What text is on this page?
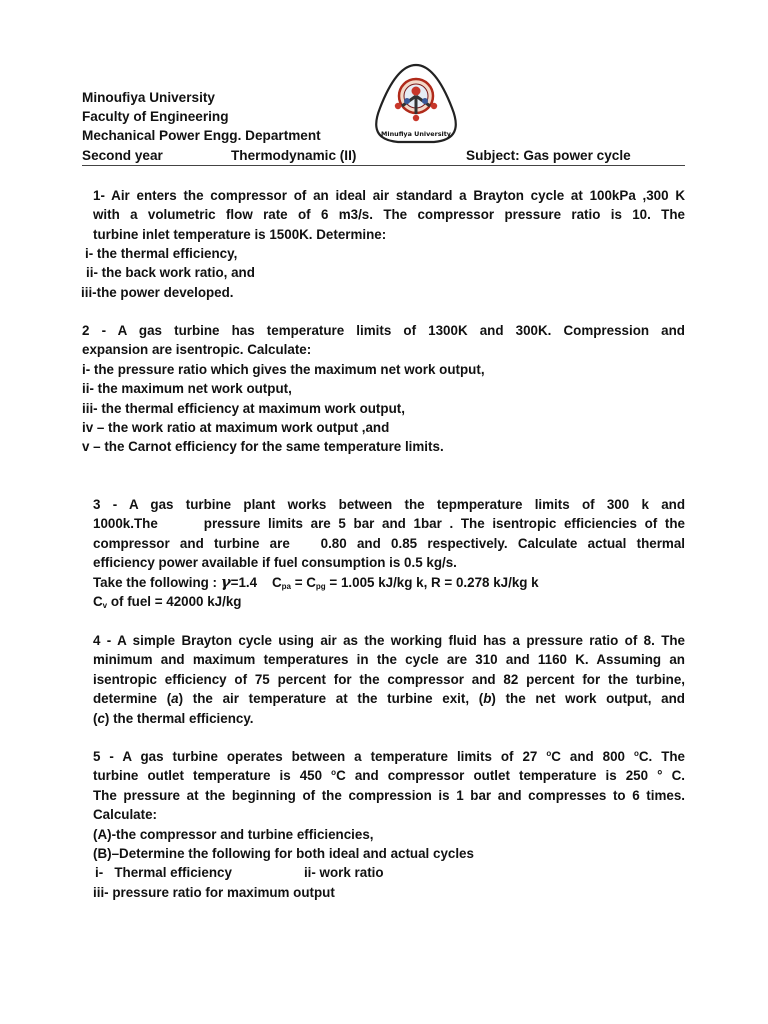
Minoufiya University
Faculty of Engineering
Mechanical Power Engg. Department
Second year	Thermodynamic (II)	Subject: Gas power cycle
Minufiya University
1- Air enters the compressor of an ideal air standard a Brayton cycle at 100kPa ,300 K
with a volumetric flow rate of 6 m3/s. The compressor pressure ratio is 10. The
turbine inlet temperature is 1500K. Determine:
i- the thermal efficiency,
ii- the back work ratio, and
iii-the power developed.
2 - A gas turbine has temperature limits of 1300K and 300K. Compression and
expansion are isentropic. Calculate:
i- the pressure ratio which gives the maximum net work output,
ii- the maximum net work output,
iii- the thermal efficiency at maximum work output,
iv – the work ratio at maximum work output ,and
v – the Carnot efficiency for the same temperature limits.
3 - A gas turbine plant works between the tepmperature limits of 300 k and
1000k.The      pressure limits are 5 bar and 1bar . The isentropic efficiencies of the
compressor and turbine are   0.80 and 0.85 respectively. Calculate actual thermal
efficiency power available if fuel consumption is 0.5 kg/s.
Take the following : γ=1.4 $C_{pa} = C_{pg} = 1.005$ kJ/kg k, R = 0.278 kJ/kg k
$C_v$ of fuel = 42000 kJ/kg
4 - A simple Brayton cycle using air as the working fluid has a pressure ratio of 8. The
minimum and maximum temperatures in the cycle are 310 and 1160 K. Assuming an
isentropic efficiency of 75 percent for the compressor and 82 percent for the turbine,
determine (a) the air temperature at the turbine exit, (b) the net work output, and
(c) the thermal efficiency.
5 - A gas turbine operates between a temperature limits of 27 $^o$C and 800 $^o$C. The
turbine outlet temperature is 450 $^o$C and compressor outlet temperature is 250 ° C.
The pressure at the beginning of the compression is 1 bar and compresses to 6 times.
Calculate:
(A)-the compressor and turbine efficiencies,
(B)–Determine the following for both ideal and actual cycles
i-   Thermal efficiency	ii- work ratio
iii- pressure ratio for maximum output
